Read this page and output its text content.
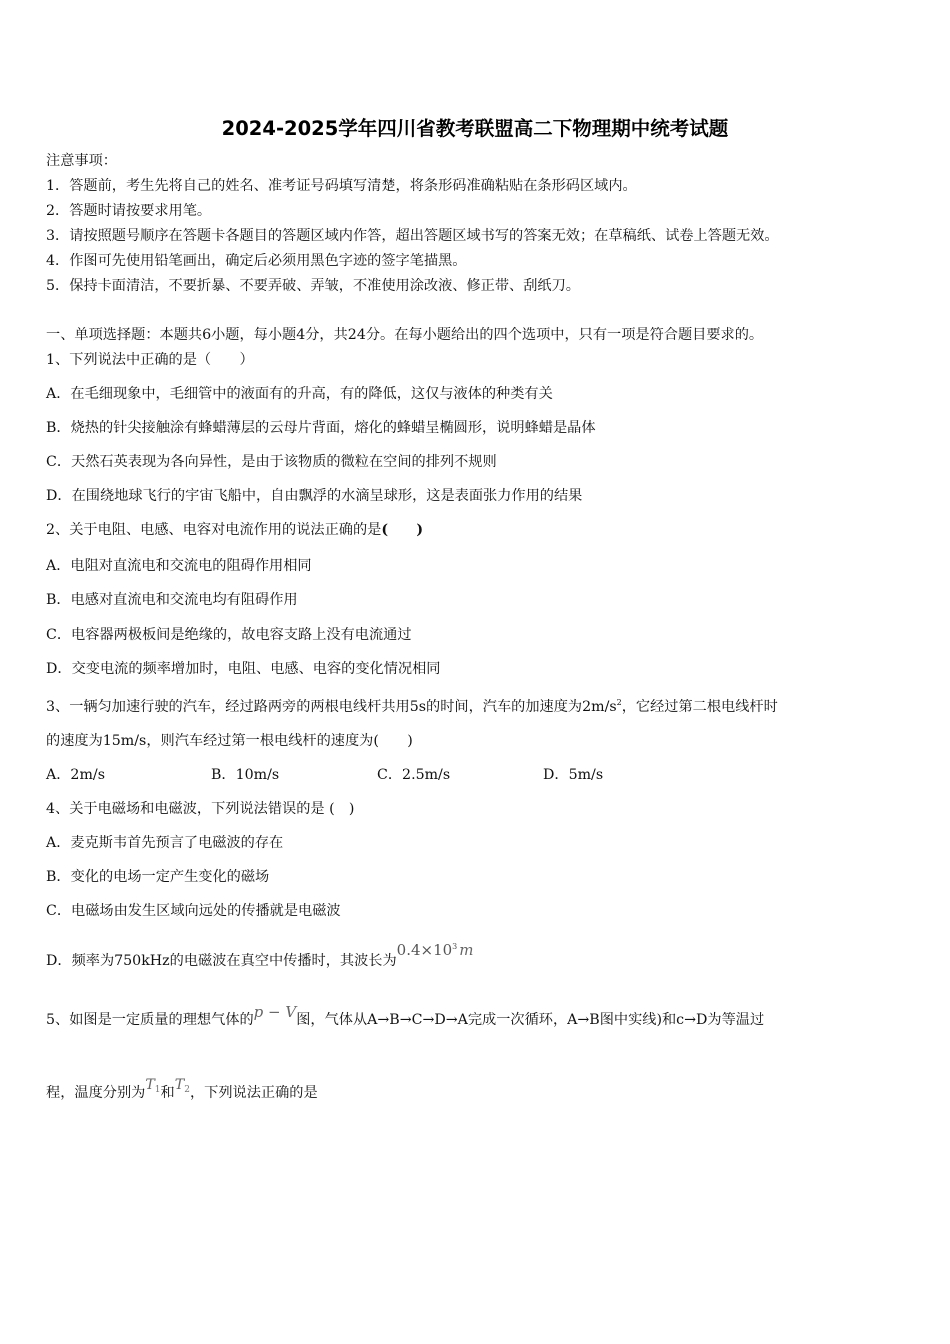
2024-2025学年四川省教考联盟高二下物理期中统考试题
注意事项：
1．答题前，考生先将自己的姓名、准考证号码填写清楚，将条形码准确粘贴在条形码区域内。
2．答题时请按要求用笔。
3．请按照题号顺序在答题卡各题目的答题区域内作答，超出答题区域书写的答案无效；在草稿纸、试卷上答题无效。
4．作图可先使用铅笔画出，确定后必须用黑色字迹的签字笔描黑。
5．保持卡面清洁，不要折暴、不要弄破、弄皱，不准使用涂改液、修正带、刮纸刀。
一、单项选择题：本题共6小题，每小题4分，共24分。在每小题给出的四个选项中，只有一项是符合题目要求的。
1、下列说法中正确的是（　　）
A．在毛细现象中，毛细管中的液面有的升高，有的降低，这仅与液体的种类有关
B．烧热的针尖接触涂有蜂蜡薄层的云母片背面，熔化的蜂蜡呈椭圆形，说明蜂蜡是晶体
C．天然石英表现为各向异性，是由于该物质的微粒在空间的排列不规则
D．在围绕地球飞行的宇宙飞船中，自由飘浮的水滴呈球形，这是表面张力作用的结果
2、关于电阻、电感、电容对电流作用的说法正确的是(　　)
A．电阻对直流电和交流电的阻碍作用相同
B．电感对直流电和交流电均有阻碍作用
C．电容器两极板间是绝缘的，故电容支路上没有电流通过
D．交变电流的频率增加时，电阻、电感、电容的变化情况相同
3、一辆匀加速行驶的汽车，经过路两旁的两根电线杆共用5s的时间，汽车的加速度为$2m/s^2$，它经过第二根电线杆时
的速度为15m/s，则汽车经过第一根电线杆的速度为(　　)
A．2m/s	B．10m/s	C．2.5m/s	D．5m/s
4、关于电磁场和电磁波，下列说法错误的是 (　)
A．麦克斯韦首先预言了电磁波的存在
B．变化的电场一定产生变化的磁场
C．电磁场由发生区域向远处的传播就是电磁波
D．频率为750kHz的电磁波在真空中传播时，其波长为$0.4\times 10^3$ m
5、如图是一定质量的理想气体的p − V图，气体从A→B→C→D→A完成一次循环，A→B图中实线)和c→D为等温过
程，温度分别为$T_1$和$T_2$，下列说法正确的是
